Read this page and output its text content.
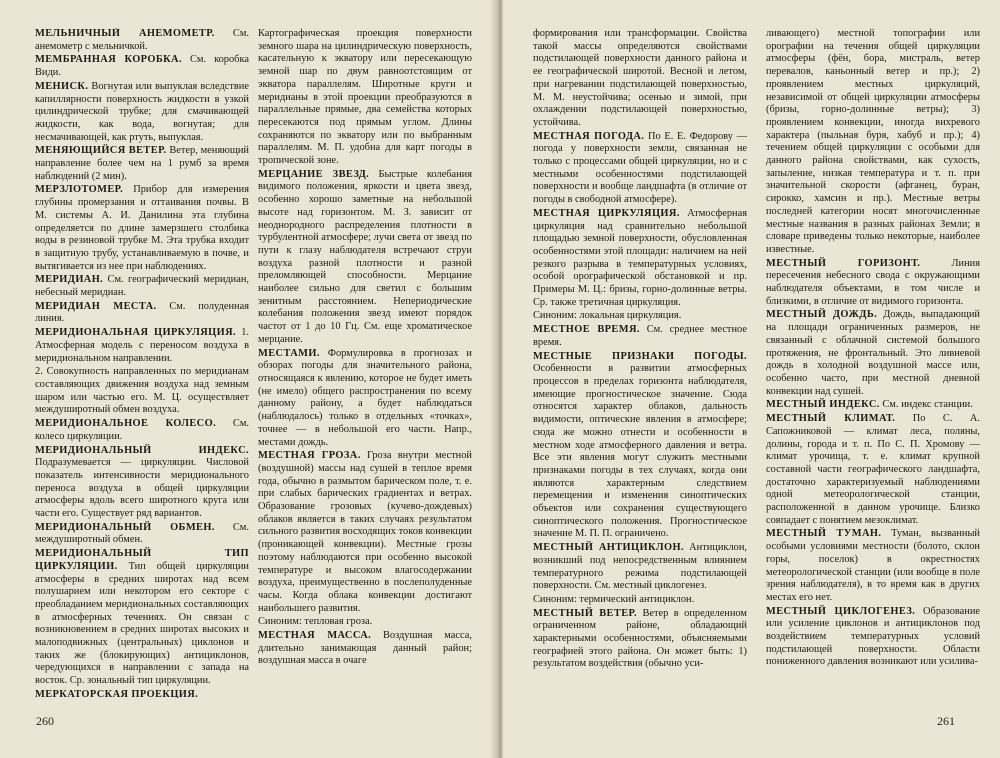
МЕЛЬНИЧНЫЙ АНЕМОМЕТР. См. анемометр с мельничкой.

МЕМБРАННАЯ КОРОБКА. См. коробка Види.

МЕНИСК. Вогнутая или выпуклая вследствие капиллярности поверхность жидкости в узкой цилиндрической трубке; для смачивающей жидкости, как вода, вогнутая; для несмачивающей, как ртуть, выпуклая.

МЕНЯЮЩИЙСЯ ВЕТЕР. Ветер, меняющий направление более чем на 1 румб за время наблюдений (2 мин).

МЕРЗЛОТОМЕР. Прибор для измерения глубины промерзания и оттаивания почвы. В М. системы А. И. Данилина эта глубина определяется по длине замерзшего столбика воды в резиновой трубке М. Эта трубка входит в защитную трубу, устанавливаемую в почве, и вытягивается из нее при наблюдениях.

МЕРИДИАН. См. географический меридиан, небесный меридиан.

МЕРИДИАН МЕСТА. См. полуденная линия.

МЕРИДИОНАЛЬНАЯ ЦИРКУЛЯЦИЯ. 1. Атмосферная модель с переносом воздуха в меридиональном направлении.

2. Совокупность направленных по меридианам составляющих движения воздуха над земным шаром или частью его. М. Ц. осуществляет междуширотный обмен воздуха.

МЕРИДИОНАЛЬНОЕ КОЛЕСО. См. колесо циркуляции.

МЕРИДИОНАЛЬНЫЙ ИНДЕКС. Подразумевается — циркуляции. Числовой показатель интенсивности меридионального переноса воздуха в общей циркуляции атмосферы вдоль всего широтного круга или части его. Существует ряд вариантов.

МЕРИДИОНАЛЬНЫЙ ОБМЕН. См. междуширотный обмен.

МЕРИДИОНАЛЬНЫЙ ТИП ЦИРКУЛЯЦИИ. Тип общей циркуляции атмосферы в средних широтах над всем полушарием или некотором его секторе с преобладанием меридиональных составляющих в атмосферных течениях. Он связан с возникновением в средних широтах высоких и малоподвижных (центральных) циклонов и таких же (блокирующих) антициклонов, чередующихся в направлении с запада на восток. Ср. зональный тип циркуляции.

МЕРКАТОРСКАЯ ПРОЕКЦИЯ.

Картографическая проекция поверхности земного шара на цилиндрическую поверхность, касательную к экватору или пересекающую земной шар по двум равноотстоящим от экватора параллелям. Широтные круги и меридианы в этой проекции преобразуются в параллельные прямые, два семейства которых пересекаются под прямым углом. Длины сохраняются по экватору или по выбранным параллелям. М. П. удобна для карт погоды в тропической зоне.

МЕРЦАНИЕ ЗВЕЗД. Быстрые колебания видимого положения, яркости и цвета звезд, особенно хорошо заметные на небольшой высоте над горизонтом. М. З. зависит от неоднородного распределения плотности в турбулентной атмосфере; лучи света от звезд по пути к глазу наблюдателя встречают струи воздуха разной плотности и разной преломляющей способности. Мерцание наиболее сильно для светил с большим зенитным расстоянием. Непериодические колебания положения звезд имеют порядок частот от 1 до 10 Гц. См. еще хроматическое мерцание.

МЕСТАМИ. Формулировка в прогнозах и обзорах погоды для значительного района, относящаяся к явлению, которое не будет иметь (не имело) общего распространения по всему данному району, а будет наблюдаться (наблюдалось) только в отдельных «точках», точнее — в небольшой его части. Напр., местами дождь.

МЕСТНАЯ ГРОЗА. Гроза внутри местной (воздушной) массы над сушей в теплое время года, обычно в размытом барическом поле, т. е. при слабых барических градиентах и ветрах. Образование грозовых (кучево-дождевых) облаков является в таких случаях результатом сильного развития восходящих токов конвекции (проникающей конвекции). Местные грозы поэтому наблюдаются при особенно высокой температуре и высоком влагосодержании воздуха, преимущественно в послеполуденные часы. Когда облака конвекции достигают наибольшего развития.

Синоним: тепловая гроза.

МЕСТНАЯ МАССА. Воздушная масса, длительно занимающая данный район; воздушная масса в очаге

260

формирования или трансформации. Свойства такой массы определяются свойствами подстилающей поверхности данного района и ее географической широтой. Весной и летом, при нагревании подстилающей поверхностью, М. М. неустойчива; осенью и зимой, при охлаждении подстилающей поверхностью, устойчива.

МЕСТНАЯ ПОГОДА. По Е. Е. Федорову — погода у поверхности земли, связанная не только с процессами общей циркуляции, но и с местными особенностями подстилающей поверхности и вообще ландшафта (в отличие от погоды в свободной атмосфере).

МЕСТНАЯ ЦИРКУЛЯЦИЯ. Атмосферная циркуляция над сравнительно небольшой площадью земной поверхности, обусловленная особенностями этой площади: наличием на ней резкого разрыва в температурных условиях, особой орографической обстановкой и пр. Примеры М. Ц.: бризы, горно-долинные ветры. Ср. также третичная циркуляция.

Синоним: локальная циркуляция.

МЕСТНОЕ ВРЕМЯ. См. среднее местное время.

МЕСТНЫЕ ПРИЗНАКИ ПОГОДЫ. Особенности в развитии атмосферных процессов в пределах горизонта наблюдателя, имеющие прогностическое значение. Сюда относятся характер облаков, дальность видимости, оптические явления в атмосфере; сюда же можно отнести и особенности в местном ходе атмосферного давления и ветра. Все эти явления могут служить местными признаками погоды в тех случаях, когда они являются характерным следствием перемещения и изменения синоптических объектов или сохранения существующего синоптического положения. Прогностическое значение М. П. П. ограничено.

МЕСТНЫЙ АНТИЦИКЛОН. Антициклон, возникший под непосредственным влиянием температурного режима подстилающей поверхности. См. местный циклогенез.

Синоним: термический антициклон.

МЕСТНЫЙ ВЕТЕР. Ветер в определенном ограниченном районе, обладающий характерными особенностями, объясняемыми географией этого района. Он может быть: 1) результатом воздействия (обычно уси-

ливающего) местной топографии или орографии на течения общей циркуляции атмосферы (фён, бора, мистраль, ветер перевалов, каньонный ветер и пр.); 2) проявлением местных циркуляций, независимой от общей циркуляции атмосферы (бризы, горно-долинные ветры); 3) проявлением конвекции, иногда вихревого характера (пыльная буря, хабуб и пр.); 4) течением общей циркуляции с особыми для данного района свойствами, как сухость, запыление, низкая температура и т. п. при значительной скорости (афганец, буран, сирокко, хамсин и пр.). Местные ветры последней категории носят многочисленные местные названия в разных районах Земли; в словаре приведены только некоторые, наиболее известные.

МЕСТНЫЙ ГОРИЗОНТ.	Линия пересечения небесного свода с окружающими наблюдателя объектами, в том числе и близкими, в отличие от видимого горизонта.

МЕСТНЫЙ ДОЖДЬ. Дождь, выпадающий на площади ограниченных размеров, не связанный с облачной системой большого протяжения, не фронтальный. Это ливневой дождь в холодной воздушной массе или, особенно часто, при местной дневной конвекции над сушей.

МЕСТНЫЙ ИНДЕКС. См. индекс станции.

МЕСТНЫЙ КЛИМАТ. По С. А. Сапожниковой — климат леса, поляны, долины, города и т. п. По С. П. Хромову — климат урочища, т. е. климат крупной составной части географического ландшафта, достаточно характеризуемый наблюдениями одной метеорологической станции, расположенной в данном урочище. Близко совпадает с понятием мезоклимат.

МЕСТНЫЙ ТУМАН. Туман, вызванный особыми условиями местности (болото, склон горы, поселок) в окрестностях метеорологической станции (или вообще в поле зрения наблюдателя), в то время как в других местах его нет.

МЕСТНЫЙ ЦИКЛОГЕНЕЗ. Образование или усиление циклонов и антициклонов под воздействием температурных условий подстилающей поверхности. Области пониженного давления возникают или усилива-

261
